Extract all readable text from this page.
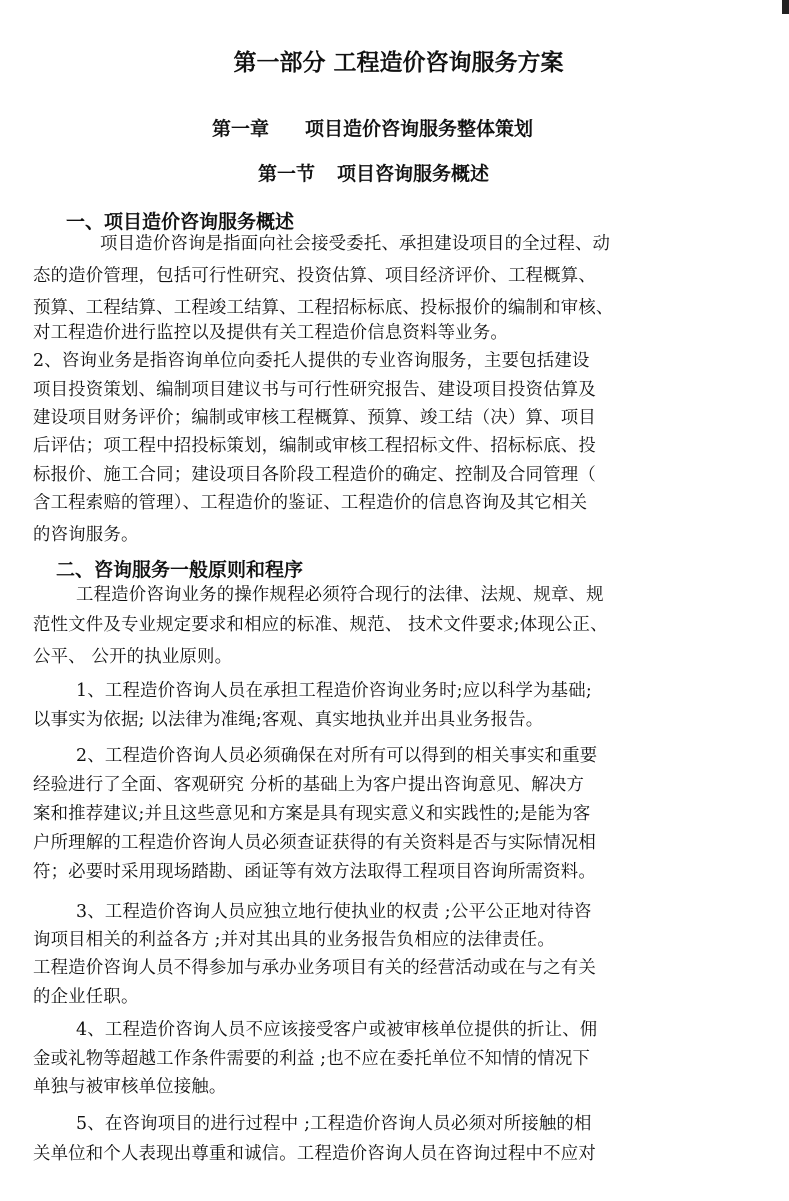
第一部分 工程造价咨询服务方案
第一章 项目造价咨询服务整体策划
第一节 项目咨询服务概述
一、项目造价咨询服务概述
二、咨询服务一般原则和程序

项目造价咨询是指面向社会接受委托、承担建设项目的全过程、动

态的造价管理，包括可行性研究、投资估算、项目经济评价、工程概算、

预算、工程结算、工程竣工结算、工程招标标底、投标报价的编制和审核、

对工程造价进行监控以及提供有关工程造价信息资料等业务。

2、咨询业务是指咨询单位向委托人提供的专业咨询服务，主要包括建设

项目投资策划、编制项目建议书与可行性研究报告、建设项目投资估算及

建设项目财务评价；编制或审核工程概算、预算、竣工结（决）算、项目

后评估；项工程中招投标策划，编制或审核工程招标文件、招标标底、投

标报价、施工合同；建设项目各阶段工程造价的确定、控制及合同管理（

含工程索赔的管理）、工程造价的鉴证、工程造价的信息咨询及其它相关

的咨询服务。

工程造价咨询业务的操作规程必须符合现行的法律、法规、规章、规

范性文件及专业规定要求和相应的标准、规范、 技术文件要求;体现公正、

公平、 公开的执业原则。

1、工程造价咨询人员在承担工程造价咨询业务时;应以科学为基础;

以事实为依据; 以法律为准绳;客观、真实地执业并出具业务报告。

2、工程造价咨询人员必须确保在对所有可以得到的相关事实和重要

经验进行了全面、客观研究 分析的基础上为客户提出咨询意见、解决方

案和推荐建议;并且这些意见和方案是具有现实意义和实践性的;是能为客

户所理解的工程造价咨询人员必须查证获得的有关资料是否与实际情况相

符；必要时采用现场踏勘、函证等有效方法取得工程项目咨询所需资料。

3、工程造价咨询人员应独立地行使执业的权责 ;公平公正地对待咨

询项目相关的利益各方 ;并对其出具的业务报告负相应的法律责任。

工程造价咨询人员不得参加与承办业务项目有关的经营活动或在与之有关

的企业任职。

4、工程造价咨询人员不应该接受客户或被审核单位提供的折让、佣

金或礼物等超越工作条件需要的利益 ;也不应在委托单位不知情的情况下

单独与被审核单位接触。

5、在咨询项目的进行过程中 ;工程造价咨询人员必须对所接触的相

关单位和个人表现出尊重和诚信。工程造价咨询人员在咨询过程中不应对
